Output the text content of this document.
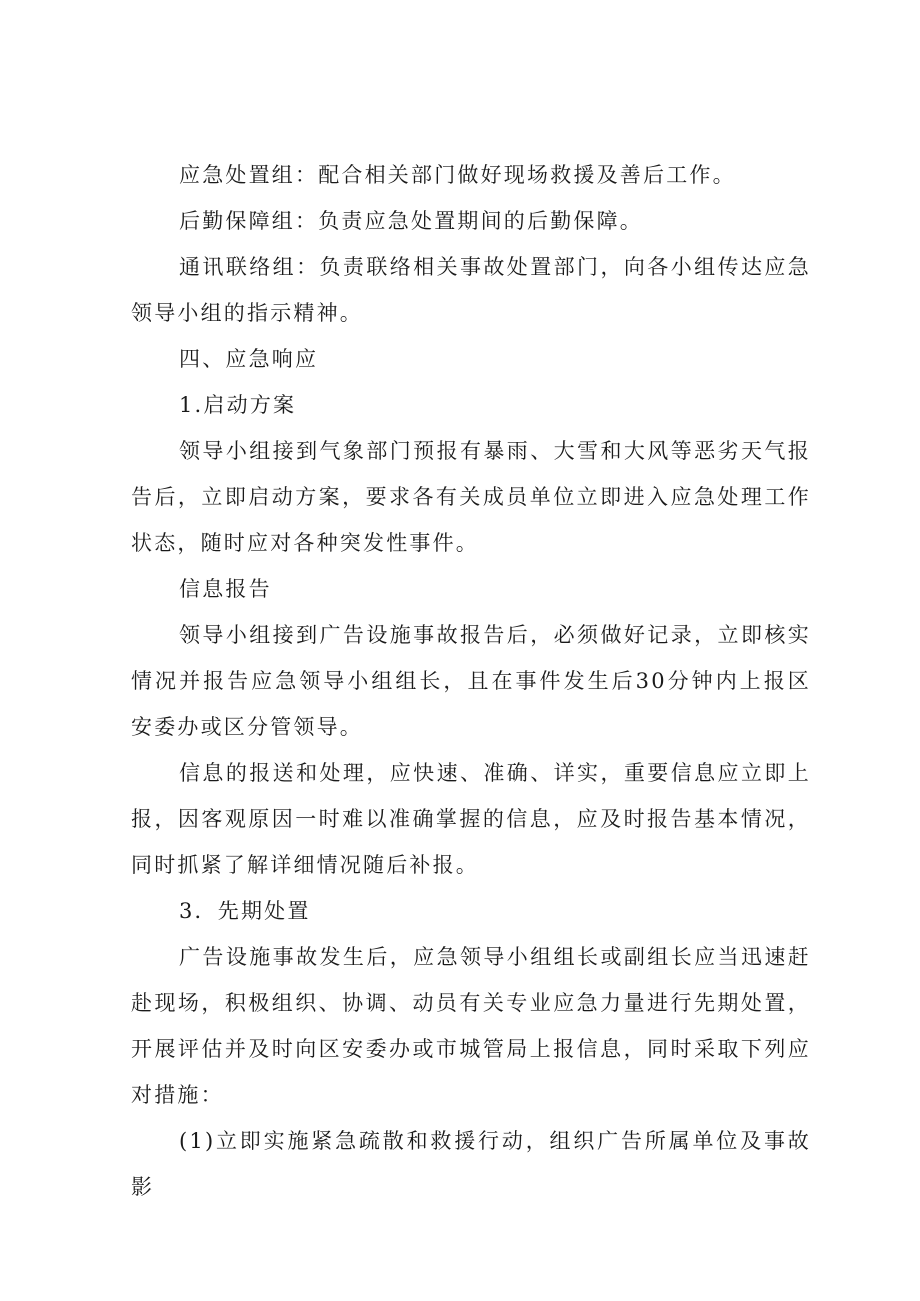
应急处置组：配合相关部门做好现场救援及善后工作。

后勤保障组：负责应急处置期间的后勤保障。

通讯联络组：负责联络相关事故处置部门，向各小组传达应急领导小组的指示精神。

四、应急响应

1.启动方案

领导小组接到气象部门预报有暴雨、大雪和大风等恶劣天气报告后，立即启动方案，要求各有关成员单位立即进入应急处理工作状态，随时应对各种突发性事件。

信息报告

领导小组接到广告设施事故报告后，必须做好记录，立即核实情况并报告应急领导小组组长，且在事件发生后30分钟内上报区安委办或区分管领导。

信息的报送和处理，应快速、准确、详实，重要信息应立即上报，因客观原因一时难以准确掌握的信息，应及时报告基本情况，同时抓紧了解详细情况随后补报。

3．先期处置

广告设施事故发生后，应急领导小组组长或副组长应当迅速赶赴现场，积极组织、协调、动员有关专业应急力量进行先期处置，开展评估并及时向区安委办或市城管局上报信息，同时采取下列应对措施：

(1)立即实施紧急疏散和救援行动，组织广告所属单位及事故影
